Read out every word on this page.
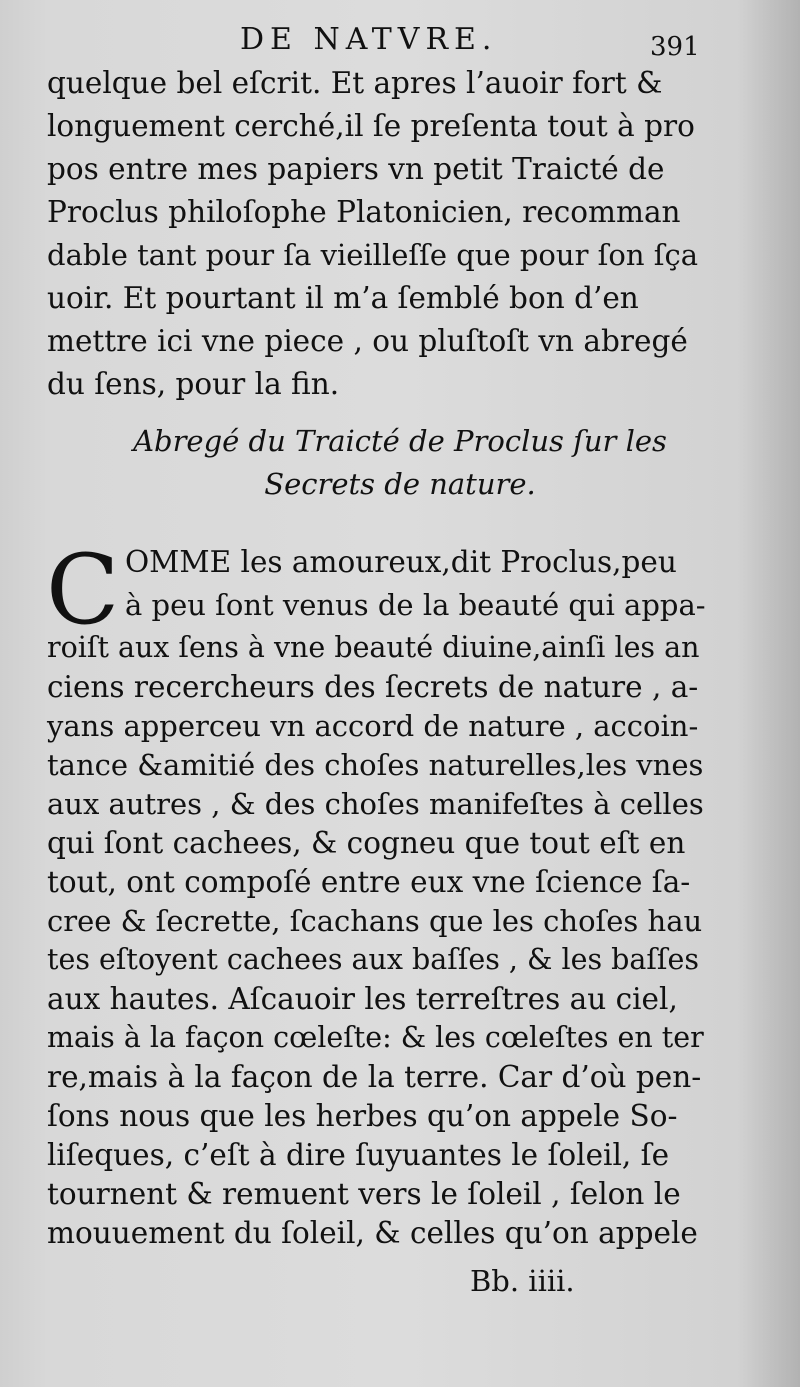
DE NATVRE.	391
quelque bel eſcrit. Et apres l’auoir fort &
longuement cerché,il ſe preſenta tout à pro
pos entre mes papiers vn petit Traicté de
Proclus philoſophe Platonicien, recomman
dable tant pour ſa vieilleſſe que pour ſon ſça
uoir. Et pourtant il m’a ſemblé bon d’en
mettre ici vne piece , ou pluſtoſt vn abregé
du ſens, pour la fin.
Abregé du Traicté de Proclus ſur les
Secrets de nature.
C OMME les amoureux,dit Proclus,peu
à peu ſont venus de la beauté qui appa-
roiſt aux ſens à vne beauté diuine,ainſi les an
ciens recercheurs des ſecrets de nature , a-
yans apperceu vn accord de nature , accoin-
tance &amitié des choſes naturelles,les vnes
aux autres , & des choſes manifeſtes à celles
qui ſont cachees, & cogneu que tout eſt en
tout, ont compoſé entre eux vne ſcience ſa-
cree & ſecrette, ſcachans que les choſes hau
tes eſtoyent cachees aux baſſes , & les baſſes
aux hautes. Aſcauoir les terreſtres au ciel,
mais à la façon cœleſte: & les cœleſtes en ter
re,mais à la façon de la terre. Car d’où pen-
ſons nous que les herbes qu’on appele So-
liſeques, c’eſt à dire ſuyuantes le ſoleil, ſe
tournent & remuent vers le ſoleil , ſelon le
mouuement du ſoleil, & celles qu’on appele
Bb. iiii.
